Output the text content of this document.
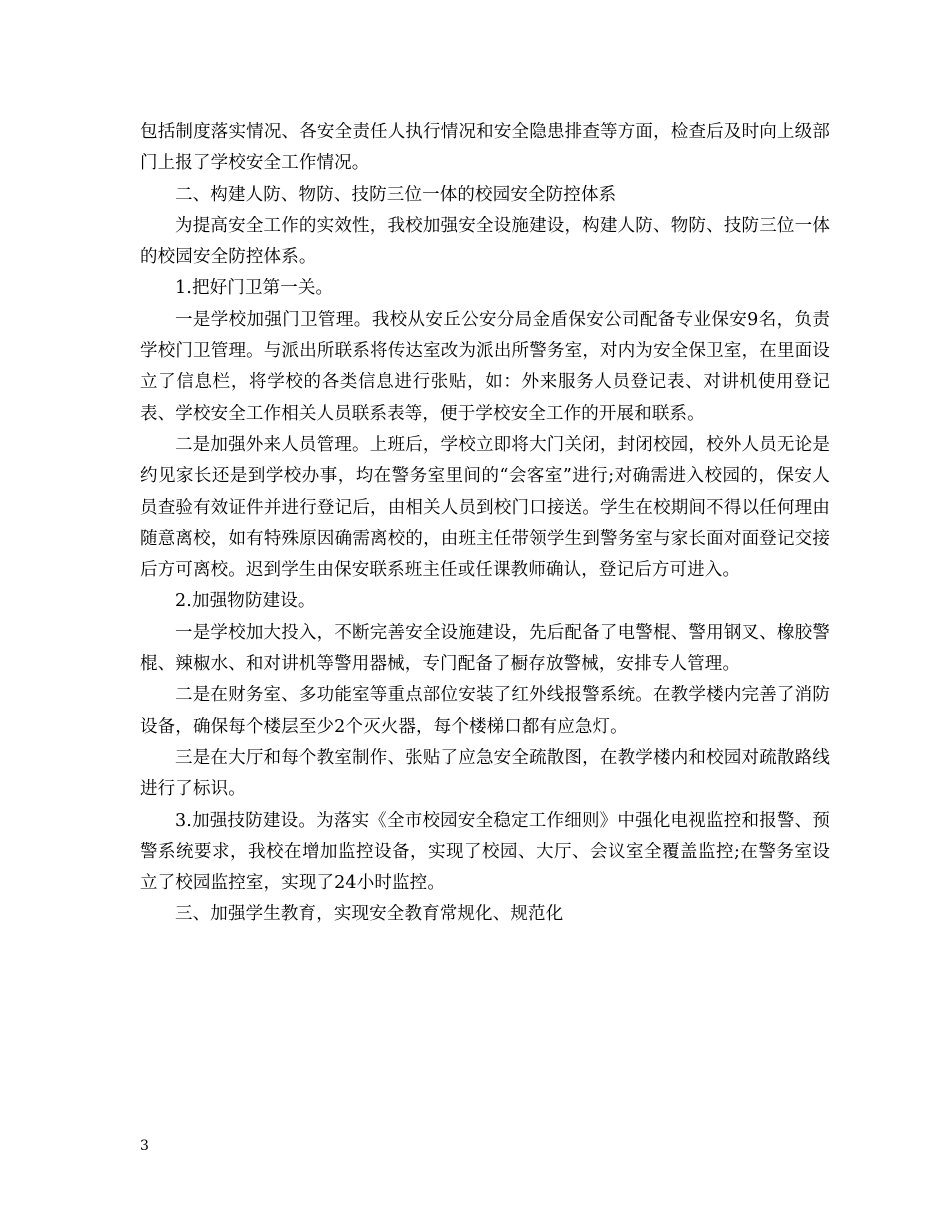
包括制度落实情况、各安全责任人执行情况和安全隐患排查等方面，检查后及时向上级部门上报了学校安全工作情况。

二、构建人防、物防、技防三位一体的校园安全防控体系

为提高安全工作的实效性，我校加强安全设施建设，构建人防、物防、技防三位一体的校园安全防控体系。

1.把好门卫第一关。

一是学校加强门卫管理。我校从安丘公安分局金盾保安公司配备专业保安9名，负责学校门卫管理。与派出所联系将传达室改为派出所警务室，对内为安全保卫室，在里面设立了信息栏，将学校的各类信息进行张贴，如：外来服务人员登记表、对讲机使用登记表、学校安全工作相关人员联系表等，便于学校安全工作的开展和联系。

二是加强外来人员管理。上班后，学校立即将大门关闭，封闭校园，校外人员无论是约见家长还是到学校办事，均在警务室里间的“会客室”进行;对确需进入校园的，保安人员查验有效证件并进行登记后，由相关人员到校门口接送。学生在校期间不得以任何理由随意离校，如有特殊原因确需离校的，由班主任带领学生到警务室与家长面对面登记交接后方可离校。迟到学生由保安联系班主任或任课教师确认，登记后方可进入。

2.加强物防建设。

一是学校加大投入，不断完善安全设施建设，先后配备了电警棍、警用钢叉、橡胶警棍、辣椒水、和对讲机等警用器械，专门配备了橱存放警械，安排专人管理。

二是在财务室、多功能室等重点部位安装了红外线报警系统。在教学楼内完善了消防设备，确保每个楼层至少2个灭火器，每个楼梯口都有应急灯。

三是在大厅和每个教室制作、张贴了应急安全疏散图，在教学楼内和校园对疏散路线进行了标识。

3.加强技防建设。为落实《全市校园安全稳定工作细则》中强化电视监控和报警、预警系统要求，我校在增加监控设备，实现了校园、大厅、会议室全覆盖监控;在警务室设立了校园监控室，实现了24小时监控。

三、加强学生教育，实现安全教育常规化、规范化

3
